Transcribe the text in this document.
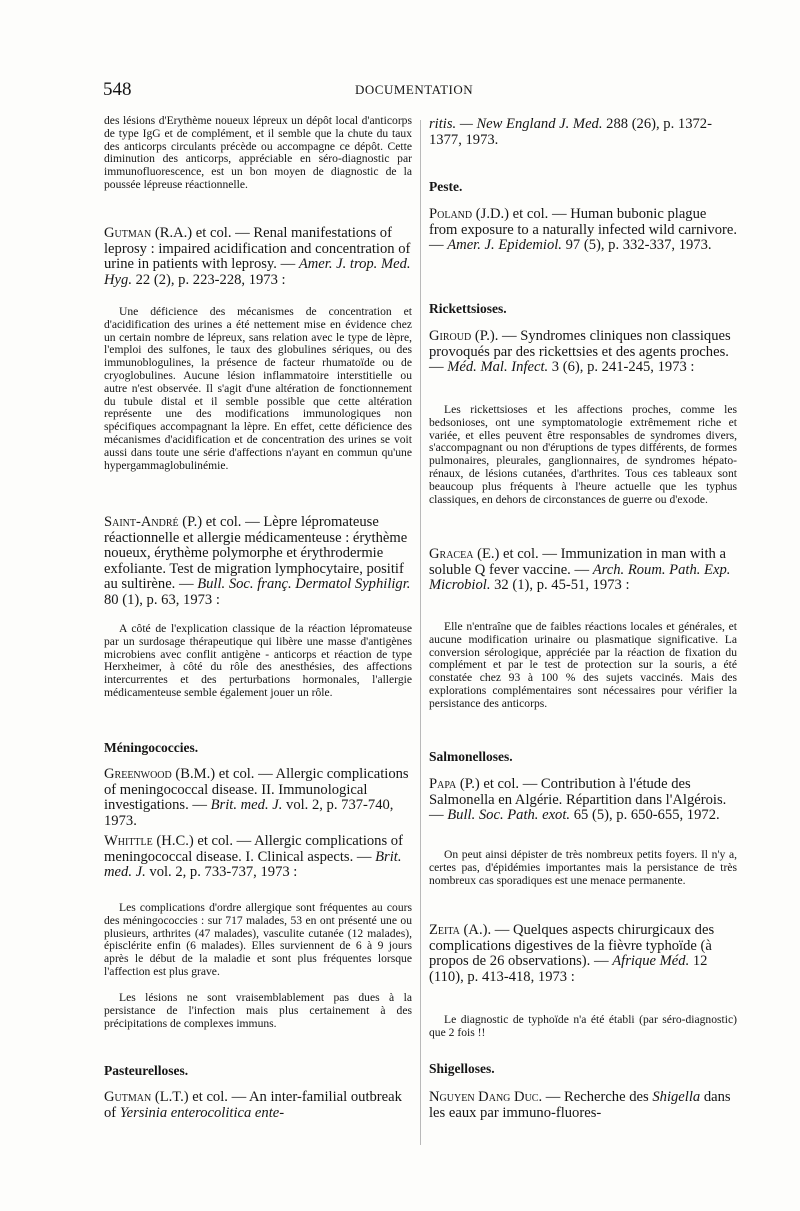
548	DOCUMENTATION
des lésions d'Erythème noueux lépreux un dépôt local d'anticorps de type IgG et de complément, et il semble que la chute du taux des anticorps circulants précède ou accompagne ce dépôt. Cette diminution des anticorps, appréciable en séro-diagnostic par immunofluorescence, est un bon moyen de diagnostic de la poussée lépreuse réactionnelle.
Gutman (R.A.) et col. — Renal manifestations of leprosy : impaired acidification and concentration of urine in patients with leprosy. — Amer. J. trop. Med. Hyg. 22 (2), p. 223-228, 1973 :
Une déficience des mécanismes de concentration et d'acidification des urines a été nettement mise en évidence chez un certain nombre de lépreux, sans relation avec le type de lèpre, l'emploi des sulfones, le taux des globulines sériques, ou des immunoblogulines, la présence de facteur rhumatoïde ou de cryoglobulines. Aucune lésion inflammatoire interstitielle ou autre n'est observée. Il s'agit d'une altération de fonctionnement du tubule distal et il semble possible que cette altération représente une des modifications immunologiques non spécifiques accompagnant la lèpre. En effet, cette déficience des mécanismes d'acidification et de concentration des urines se voit aussi dans toute une série d'affections n'ayant en commun qu'une hypergammaglobulinémie.
Saint-André (P.) et col. — Lèpre lépromateuse réactionnelle et allergie médicamenteuse : érythème noueux, érythème polymorphe et érythrodermie exfoliante. Test de migration lymphocytaire, positif au sultirène. — Bull. Soc. franç. Dermatol Syphiligr. 80 (1), p. 63, 1973 :
A côté de l'explication classique de la réaction lépromateuse par un surdosage thérapeutique qui libère une masse d'antigènes microbiens avec conflit antigène - anticorps et réaction de type Herxheimer, à côté du rôle des anesthésies, des affections intercurrentes et des perturbations hormonales, l'allergie médicamenteuse semble également jouer un rôle.
Méningococcies.
Greenwood (B.M.) et col. — Allergic complications of meningococcal disease. II. Immunological investigations. — Brit. med. J. vol. 2, p. 737-740, 1973.
Whittle (H.C.) et col. — Allergic complications of meningococcal disease. I. Clinical aspects. — Brit. med. J. vol. 2, p. 733-737, 1973 :
Les complications d'ordre allergique sont fréquentes au cours des méningococcies : sur 717 malades, 53 en ont présenté une ou plusieurs, arthrites (47 malades), vasculite cutanée (12 malades), épisclérite enfin (6 malades). Elles surviennent de 6 à 9 jours après le début de la maladie et sont plus fréquentes lorsque l'affection est plus grave.
Les lésions ne sont vraisemblablement pas dues à la persistance de l'infection mais plus certainement à des précipitations de complexes immuns.
Pasteurelloses.
Gutman (L.T.) et col. — An inter-familial outbreak of Yersinia enterocolitica ente-
ritis. — New England J. Med. 288 (26), p. 1372-1377, 1973.
Peste.
Poland (J.D.) et col. — Human bubonic plague from exposure to a naturally infected wild carnivore. — Amer. J. Epidemiol. 97 (5), p. 332-337, 1973.
Rickettsioses.
Giroud (P.). — Syndromes cliniques non classiques provoqués par des rickettsies et des agents proches. — Méd. Mal. Infect. 3 (6), p. 241-245, 1973 :
Les rickettsioses et les affections proches, comme les bedsonioses, ont une symptomatologie extrêmement riche et variée, et elles peuvent être responsables de syndromes divers, s'accompagnant ou non d'éruptions de types différents, de formes pulmonaires, pleurales, ganglionnaires, de syndromes hépato-rénaux, de lésions cutanées, d'arthrites. Tous ces tableaux sont beaucoup plus fréquents à l'heure actuelle que les typhus classiques, en dehors de circonstances de guerre ou d'exode.
Gracea (E.) et col. — Immunization in man with a soluble Q fever vaccine. — Arch. Roum. Path. Exp. Microbiol. 32 (1), p. 45-51, 1973 :
Elle n'entraîne que de faibles réactions locales et générales, et aucune modification urinaire ou plasmatique significative. La conversion sérologique, appréciée par la réaction de fixation du complément et par le test de protection sur la souris, a été constatée chez 93 à 100 % des sujets vaccinés. Mais des explorations complémentaires sont nécessaires pour vérifier la persistance des anticorps.
Salmonelloses.
Papa (P.) et col. — Contribution à l'étude des Salmonella en Algérie. Répartition dans l'Algérois. — Bull. Soc. Path. exot. 65 (5), p. 650-655, 1972.
On peut ainsi dépister de très nombreux petits foyers. Il n'y a, certes pas, d'épidémies importantes mais la persistance de très nombreux cas sporadiques est une menace permanente.
Zeita (A.). — Quelques aspects chirurgicaux des complications digestives de la fièvre typhoïde (à propos de 26 observations). — Afrique Méd. 12 (110), p. 413-418, 1973 :
Le diagnostic de typhoïde n'a été établi (par séro-diagnostic) que 2 fois !!
Shigelloses.
Nguyen Dang Duc. — Recherche des Shigella dans les eaux par immuno-fluores-
